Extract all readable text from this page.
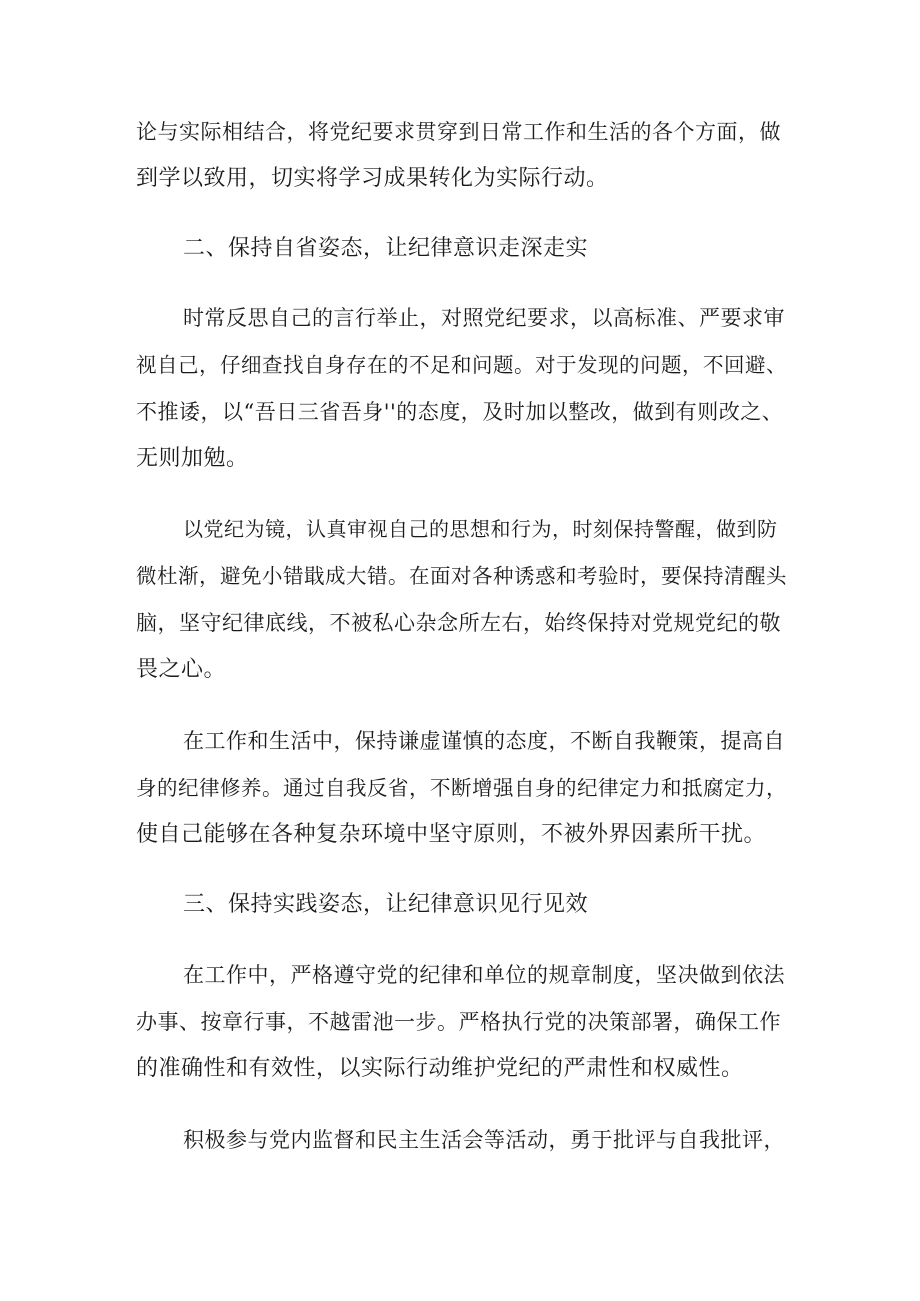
论与实际相结合，将党纪要求贯穿到日常工作和生活的各个方面，做

到学以致用，切实将学习成果转化为实际行动。

二、保持自省姿态，让纪律意识走深走实

时常反思自己的言行举止，对照党纪要求，以高标准、严要求审

视自己，仔细查找自身存在的不足和问题。对于发现的问题，不回避、

不推诿，以“吾日三省吾身''的态度，及时加以整改，做到有则改之、

无则加勉。

以党纪为镜，认真审视自己的思想和行为，时刻保持警醒，做到防

微杜渐，避免小错戢成大错。在面对各种诱惑和考验时，要保持清醒头

脑，坚守纪律底线，不被私心杂念所左右，始终保持对党规党纪的敬

畏之心。

在工作和生活中，保持谦虚谨慎的态度，不断自我鞭策，提高自

身的纪律修养。通过自我反省，不断增强自身的纪律定力和抵腐定力，

使自己能够在各种复杂环境中坚守原则，不被外界因素所干扰。

三、保持实践姿态，让纪律意识见行见效

在工作中，严格遵守党的纪律和单位的规章制度，坚决做到依法

办事、按章行事，不越雷池一步。严格执行党的决策部署，确保工作

的准确性和有效性，以实际行动维护党纪的严肃性和权威性。

积极参与党内监督和民主生活会等活动，勇于批评与自我批评，
